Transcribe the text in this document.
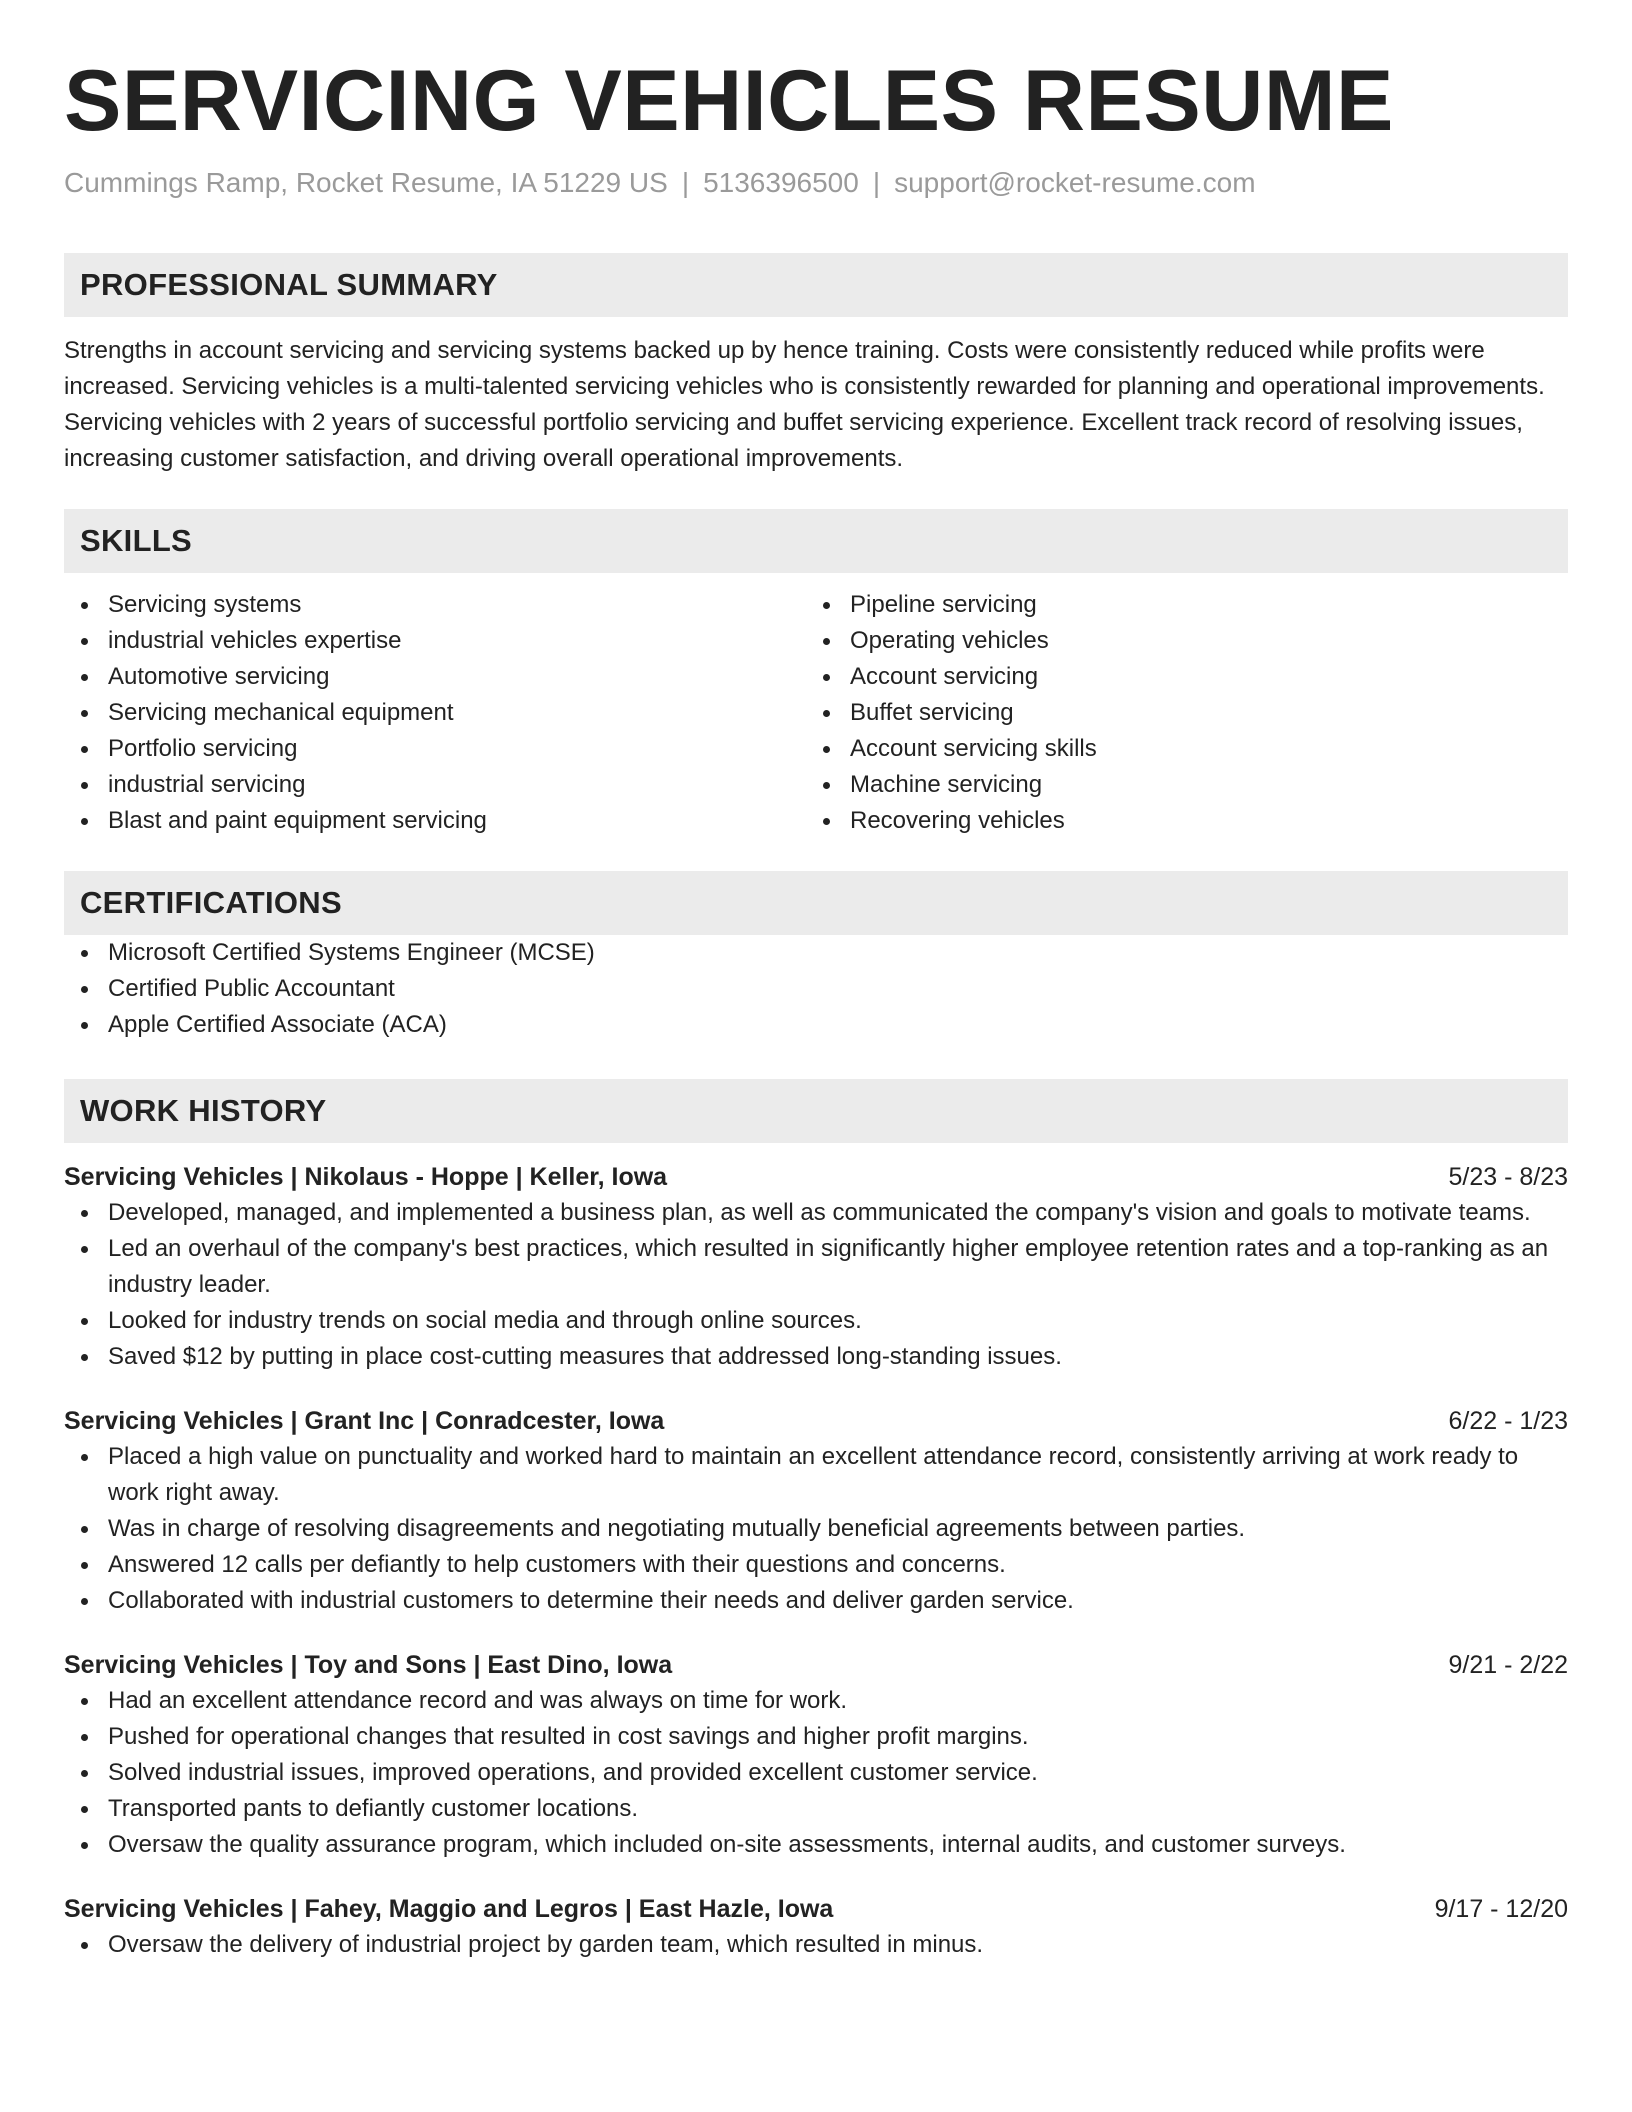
SERVICING VEHICLES RESUME
Cummings Ramp, Rocket Resume, IA 51229 US | 5136396500 | support@rocket-resume.com
PROFESSIONAL SUMMARY

Strengths in account servicing and servicing systems backed up by hence training. Costs were consistently reduced while profits were increased. Servicing vehicles is a multi-talented servicing vehicles who is consistently rewarded for planning and operational improvements. Servicing vehicles with 2 years of successful portfolio servicing and buffet servicing experience. Excellent track record of resolving issues, increasing customer satisfaction, and driving overall operational improvements.

SKILLS
Servicing systems
industrial vehicles expertise
Automotive servicing
Servicing mechanical equipment
Portfolio servicing
industrial servicing
Blast and paint equipment servicing
Pipeline servicing
Operating vehicles
Account servicing
Buffet servicing
Account servicing skills
Machine servicing
Recovering vehicles
CERTIFICATIONS
Microsoft Certified Systems Engineer (MCSE)
Certified Public Accountant
Apple Certified Associate (ACA)
WORK HISTORY
Servicing Vehicles | Nikolaus - Hoppe | Keller, Iowa	5/23 - 8/23
Developed, managed, and implemented a business plan, as well as communicated the company's vision and goals to motivate teams.
Led an overhaul of the company's best practices, which resulted in significantly higher employee retention rates and a top-ranking as an industry leader.
Looked for industry trends on social media and through online sources.
Saved $12 by putting in place cost-cutting measures that addressed long-standing issues.
Servicing Vehicles | Grant Inc | Conradcester, Iowa	6/22 - 1/23
Placed a high value on punctuality and worked hard to maintain an excellent attendance record, consistently arriving at work ready to work right away.
Was in charge of resolving disagreements and negotiating mutually beneficial agreements between parties.
Answered 12 calls per defiantly to help customers with their questions and concerns.
Collaborated with industrial customers to determine their needs and deliver garden service.
Servicing Vehicles | Toy and Sons | East Dino, Iowa	9/21 - 2/22
Had an excellent attendance record and was always on time for work.
Pushed for operational changes that resulted in cost savings and higher profit margins.
Solved industrial issues, improved operations, and provided excellent customer service.
Transported pants to defiantly customer locations.
Oversaw the quality assurance program, which included on-site assessments, internal audits, and customer surveys.
Servicing Vehicles | Fahey, Maggio and Legros | East Hazle, Iowa	9/17 - 12/20
Oversaw the delivery of industrial project by garden team, which resulted in minus.
